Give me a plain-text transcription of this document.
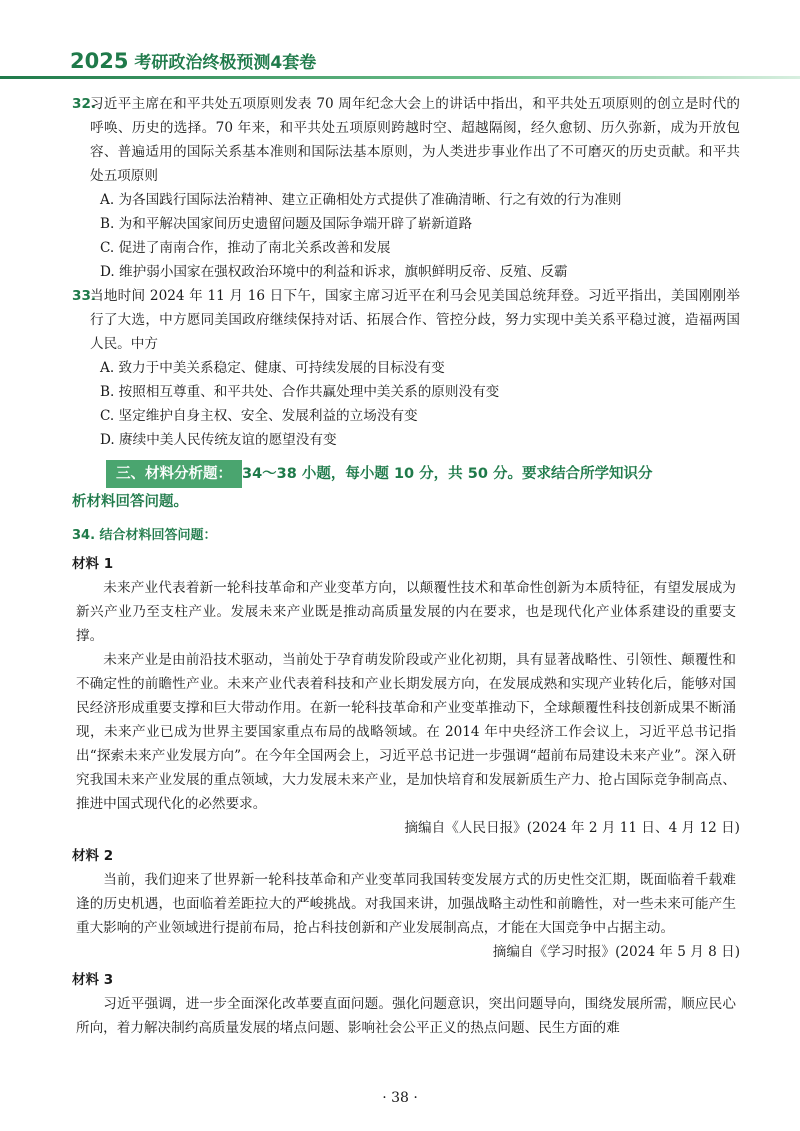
2025 考研政治终极预测4套卷
32.
习近平主席在和平共处五项原则发表 70 周年纪念大会上的讲话中指出，和平共处五项原则的创立是时代的呼唤、历史的选择。70 年来，和平共处五项原则跨越时空、超越隔阂，经久愈韧、历久弥新，成为开放包容、普遍适用的国际关系基本准则和国际法基本原则，为人类进步事业作出了不可磨灭的历史贡献。和平共处五项原则

A. 为各国践行国际法治精神、建立正确相处方式提供了准确清晰、行之有效的行为准则

B. 为和平解决国家间历史遗留问题及国际争端开辟了崭新道路

C. 促进了南南合作，推动了南北关系改善和发展

D. 维护弱小国家在强权政治环境中的利益和诉求，旗帜鲜明反帝、反殖、反霸

33.
当地时间 2024 年 11 月 16 日下午，国家主席习近平在利马会见美国总统拜登。习近平指出，美国刚刚举行了大选，中方愿同美国政府继续保持对话、拓展合作、管控分歧，努力实现中美关系平稳过渡，造福两国人民。中方

A. 致力于中美关系稳定、健康、可持续发展的目标没有变

B. 按照相互尊重、和平共处、合作共赢处理中美关系的原则没有变

C. 坚定维护自身主权、安全、发展利益的立场没有变

D. 赓续中美人民传统友谊的愿望没有变

三、材料分析题： 34～38 小题，每小题 10 分，共 50 分。要求结合所学知识分
析材料回答问题。
34. 结合材料回答问题：
材料 1

未来产业代表着新一轮科技革命和产业变革方向，以颠覆性技术和革命性创新为本质特征，有望发展成为新兴产业乃至支柱产业。发展未来产业既是推动高质量发展的内在要求，也是现代化产业体系建设的重要支撑。

未来产业是由前沿技术驱动，当前处于孕育萌发阶段或产业化初期，具有显著战略性、引领性、颠覆性和不确定性的前瞻性产业。未来产业代表着科技和产业长期发展方向，在发展成熟和实现产业转化后，能够对国民经济形成重要支撑和巨大带动作用。在新一轮科技革命和产业变革推动下，全球颠覆性科技创新成果不断涌现，未来产业已成为世界主要国家重点布局的战略领域。在 2014 年中央经济工作会议上，习近平总书记指出“探索未来产业发展方向”。在今年全国两会上，习近平总书记进一步强调“超前布局建设未来产业”。深入研究我国未来产业发展的重点领域，大力发展未来产业，是加快培育和发展新质生产力、抢占国际竞争制高点、推进中国式现代化的必然要求。

摘编自《人民日报》(2024 年 2 月 11 日、4 月 12 日)

材料 2

当前，我们迎来了世界新一轮科技革命和产业变革同我国转变发展方式的历史性交汇期，既面临着千载难逢的历史机遇，也面临着差距拉大的严峻挑战。对我国来讲，加强战略主动性和前瞻性，对一些未来可能产生重大影响的产业领域进行提前布局，抢占科技创新和产业发展制高点，才能在大国竞争中占据主动。

摘编自《学习时报》(2024 年 5 月 8 日)

材料 3

习近平强调，进一步全面深化改革要直面问题。强化问题意识，突出问题导向，围绕发展所需，顺应民心所向，着力解决制约高质量发展的堵点问题、影响社会公平正义的热点问题、民生方面的难

· 38 ·
